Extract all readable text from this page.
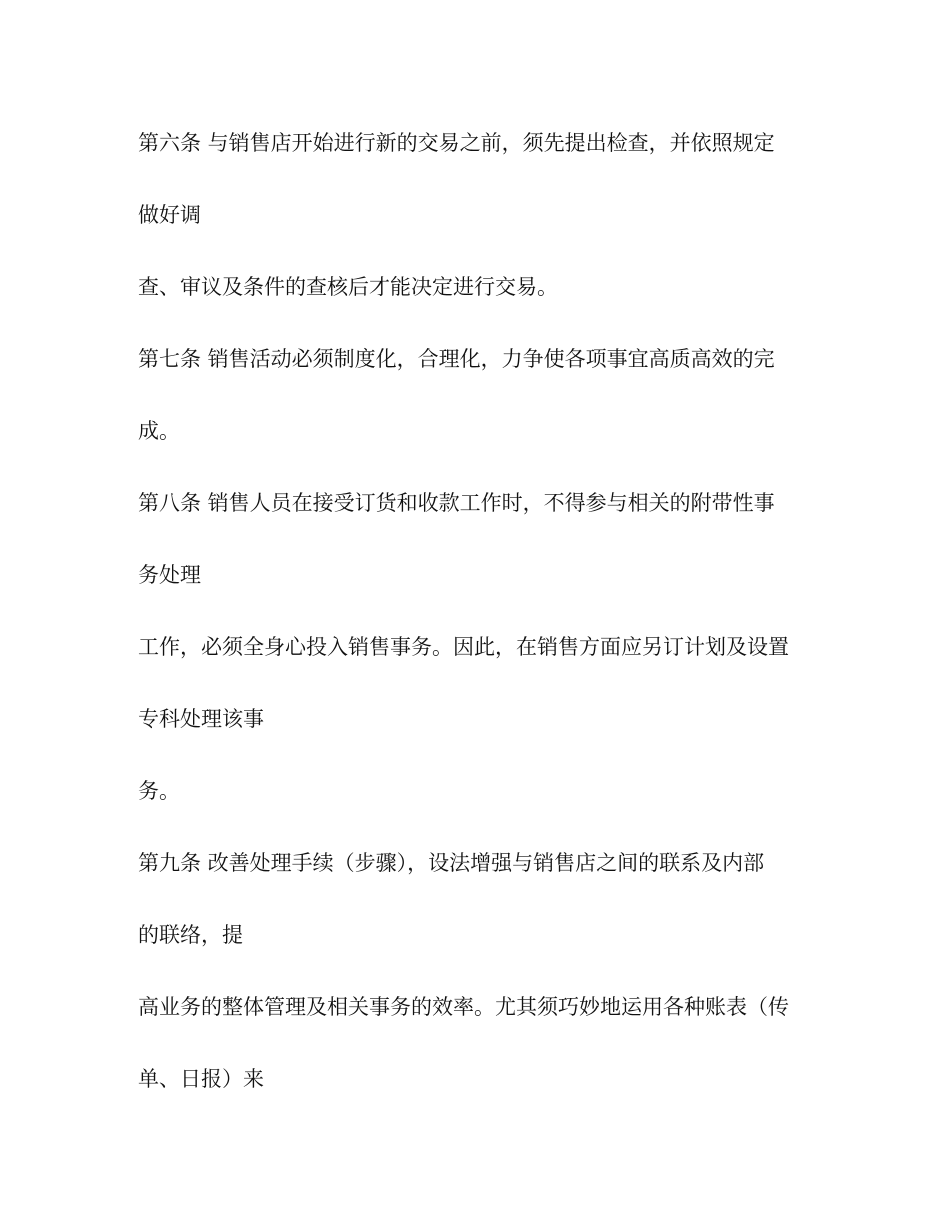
第六条 与销售店开始进行新的交易之前，须先提出检查，并依照规定
做好调
查、审议及条件的查核后才能决定进行交易。
第七条 销售活动必须制度化，合理化，力争使各项事宜高质高效的完
成。
第八条 销售人员在接受订货和收款工作时，不得参与相关的附带性事
务处理
工作，必须全身心投入销售事务。因此，在销售方面应另订计划及设置
专科处理该事
务。
第九条 改善处理手续（步骤），设法增强与销售店之间的联系及内部
的联络，提
高业务的整体管理及相关事务的效率。尤其须巧妙地运用各种账表（传
单、日报）来
